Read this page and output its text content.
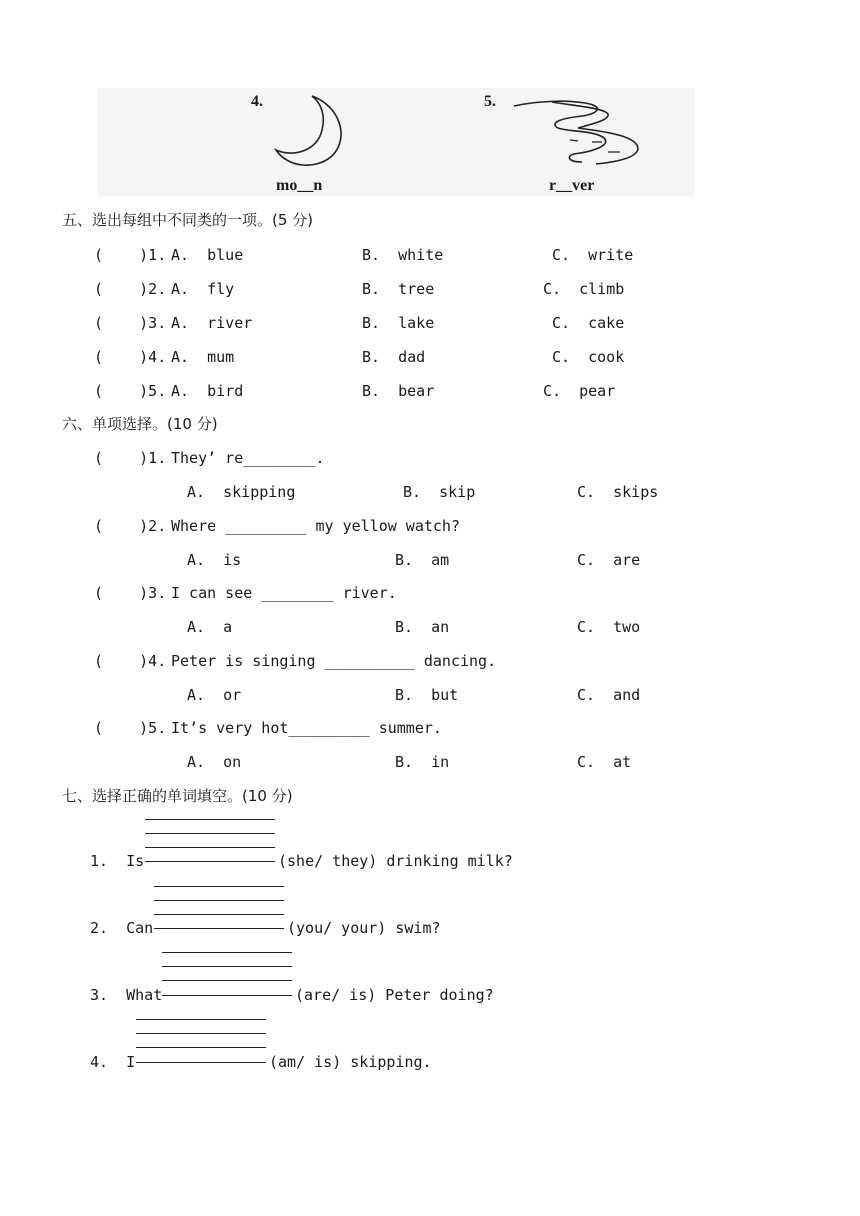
4.
mo__n
5.
r__ver
五、选出每组中不同类的一项。(5 分)
(    )1. A.  blue	B.  white	C.  write
(    )2. A.  fly	B.  tree	C.  climb
(    )3. A.  river	B.  lake	C.  cake
(    )4. A.  mum	B.  dad	C.  cook
(    )5. A.  bird	B.  bear	C.  pear
六、单项选择。(10 分)
(    )1. They’ re________.
A.  skipping	B.  skip	C.  skips
(    )2. Where _________ my yellow watch?
A.  is	B.  am	C.  are
(    )3. I can see ________ river.
A.  a	B.  an	C.  two
(    )4. Peter is singing __________ dancing.
A.  or	B.  but	C.  and
(    )5. It’s very hot_________ summer.
A.  on	B.  in	C.  at
七、选择正确的单词填空。(10 分)
1.  Is	(she/ they) drinking milk?
2.  Can	(you/ your) swim?
3.  What	(are/ is) Peter doing?
4.  I	(am/ is) skipping.
